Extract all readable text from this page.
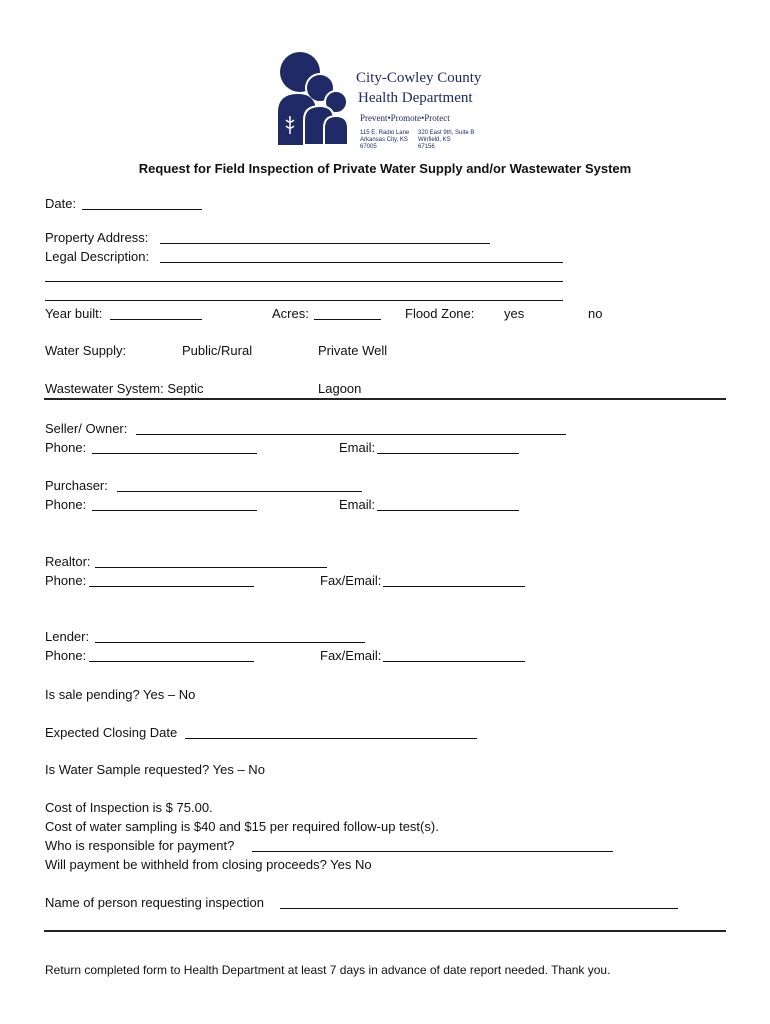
City-Cowley County
Health Department
Prevent•Promote•Protect
115 E. Radio Lane
Arkansas City, KS
67005
320 East 9th, Suite B
Winfield, KS
67156
Request for Field Inspection of Private Water Supply and/or Wastewater System
Date:
Property Address:
Legal Description:
Year built:	Acres:	Flood Zone: yes	no
Water Supply:	Public/Rural	Private Well
Wastewater System: Septic	Lagoon
Seller/ Owner:
Phone:	Email:
Purchaser:
Phone:	Email:
Realtor:
Phone:	Fax/Email:
Lender:
Phone:	Fax/Email:
Is sale pending? Yes – No
Expected Closing Date
Is Water Sample requested? Yes – No
Cost of Inspection is $ 75.00.
Cost of water sampling is $40 and $15 per required follow-up test(s).
Who is responsible for payment?
Will payment be withheld from closing proceeds? Yes No
Name of person requesting inspection
Return completed form to Health Department at least 7 days in advance of date report needed. Thank you.
